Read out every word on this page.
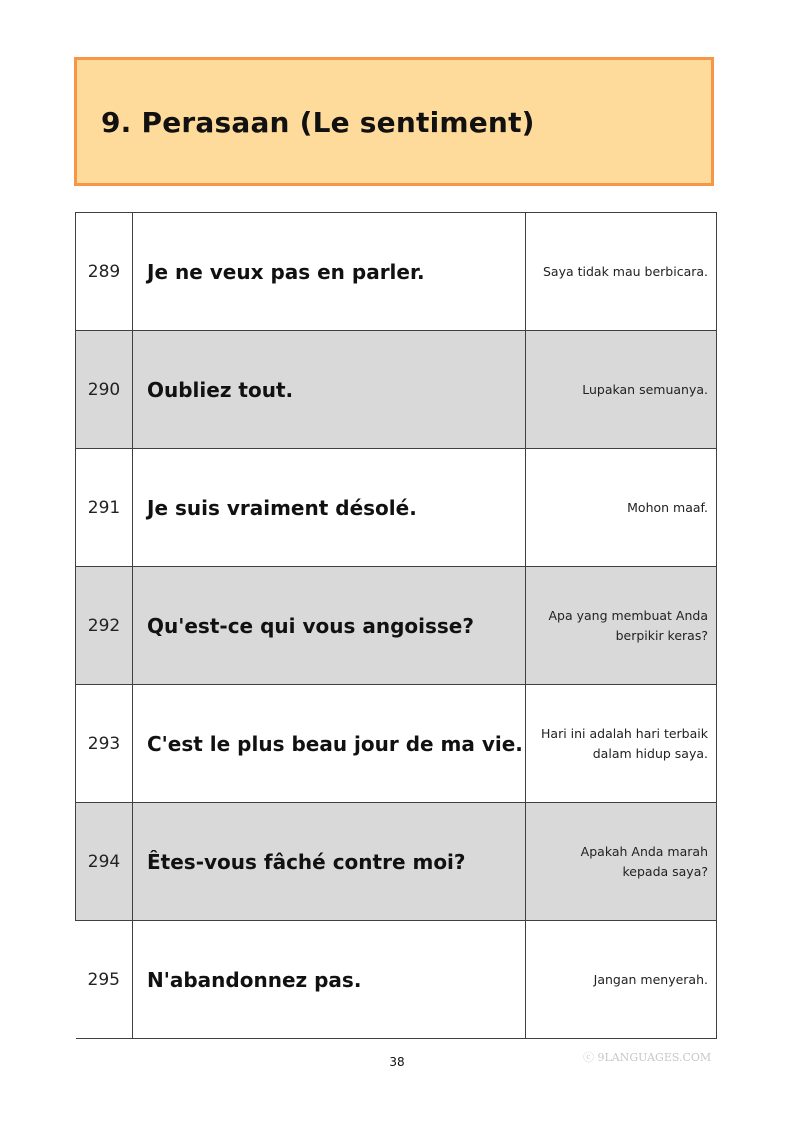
9. Perasaan (Le sentiment)
289	Je ne veux pas en parler.	Saya tidak mau berbicara.
290	Oubliez tout.	Lupakan semuanya.
291	Je suis vraiment désolé.	Mohon maaf.
292	Qu'est-ce qui vous angoisse?	Apa yang membuat Anda berpikir keras?
293	C'est le plus beau jour de ma vie.	Hari ini adalah hari terbaik dalam hidup saya.
294	Êtes-vous fâché contre moi?	Apakah Anda marah kepada saya?
295	N'abandonnez pas.	Jangan menyerah.
38	ⓒ 9LANGUAGES.COM
